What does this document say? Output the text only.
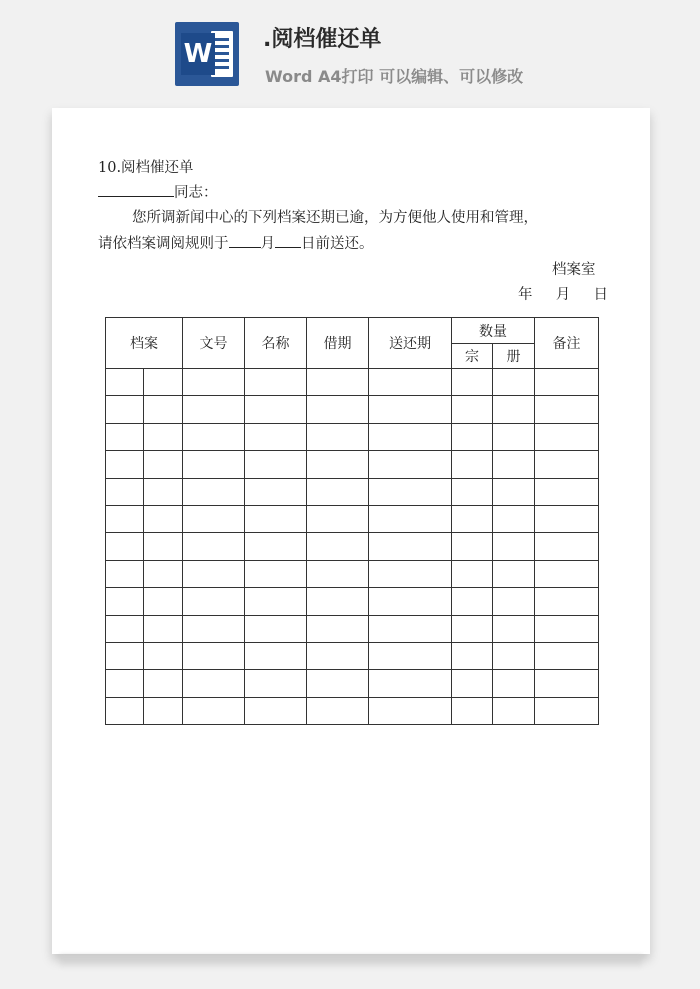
W .阅档催还单
Word A4打印 可以编辑、可以修改
10.阅档催还单
同志：
您所调新闻中心的下列档案还期已逾，为方便他人使用和管理，
请依档案调阅规则于 月 日前送还。
档案室
年 月 日
档案		文号	名称	借期	送还期	数量		备注
						宗	册	
